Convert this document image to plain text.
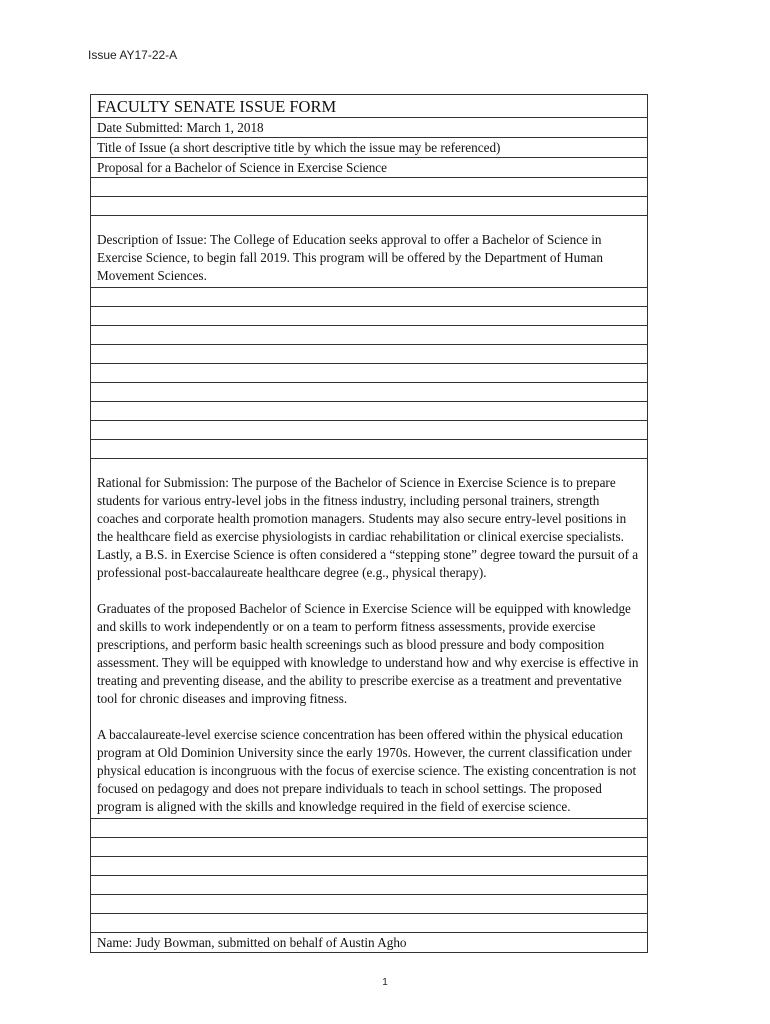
Issue AY17-22-A
FACULTY SENATE ISSUE FORM
Date Submitted: March 1, 2018
Title of Issue (a short descriptive title by which the issue may be referenced)
Proposal for a Bachelor of Science in Exercise Science

Description of Issue: The College of Education seeks approval to offer a Bachelor of Science in Exercise Science, to begin fall 2019. This program will be offered by the Department of Human Movement Sciences.

Rational for Submission: The purpose of the Bachelor of Science in Exercise Science is to prepare students for various entry-level jobs in the fitness industry, including personal trainers, strength coaches and corporate health promotion managers. Students may also secure entry-level positions in the healthcare field as exercise physiologists in cardiac rehabilitation or clinical exercise specialists. Lastly, a B.S. in Exercise Science is often considered a “stepping stone” degree toward the pursuit of a professional post-baccalaureate healthcare degree (e.g., physical therapy).

Graduates of the proposed Bachelor of Science in Exercise Science will be equipped with knowledge and skills to work independently or on a team to perform fitness assessments, provide exercise prescriptions, and perform basic health screenings such as blood pressure and body composition assessment. They will be equipped with knowledge to understand how and why exercise is effective in treating and preventing disease, and the ability to prescribe exercise as a treatment and preventative tool for chronic diseases and improving fitness.

A baccalaureate-level exercise science concentration has been offered within the physical education program at Old Dominion University since the early 1970s. However, the current classification under physical education is incongruous with the focus of exercise science. The existing concentration is not focused on pedagogy and does not prepare individuals to teach in school settings. The proposed program is aligned with the skills and knowledge required in the field of exercise science.

Name: Judy Bowman, submitted on behalf of Austin Agho
1
